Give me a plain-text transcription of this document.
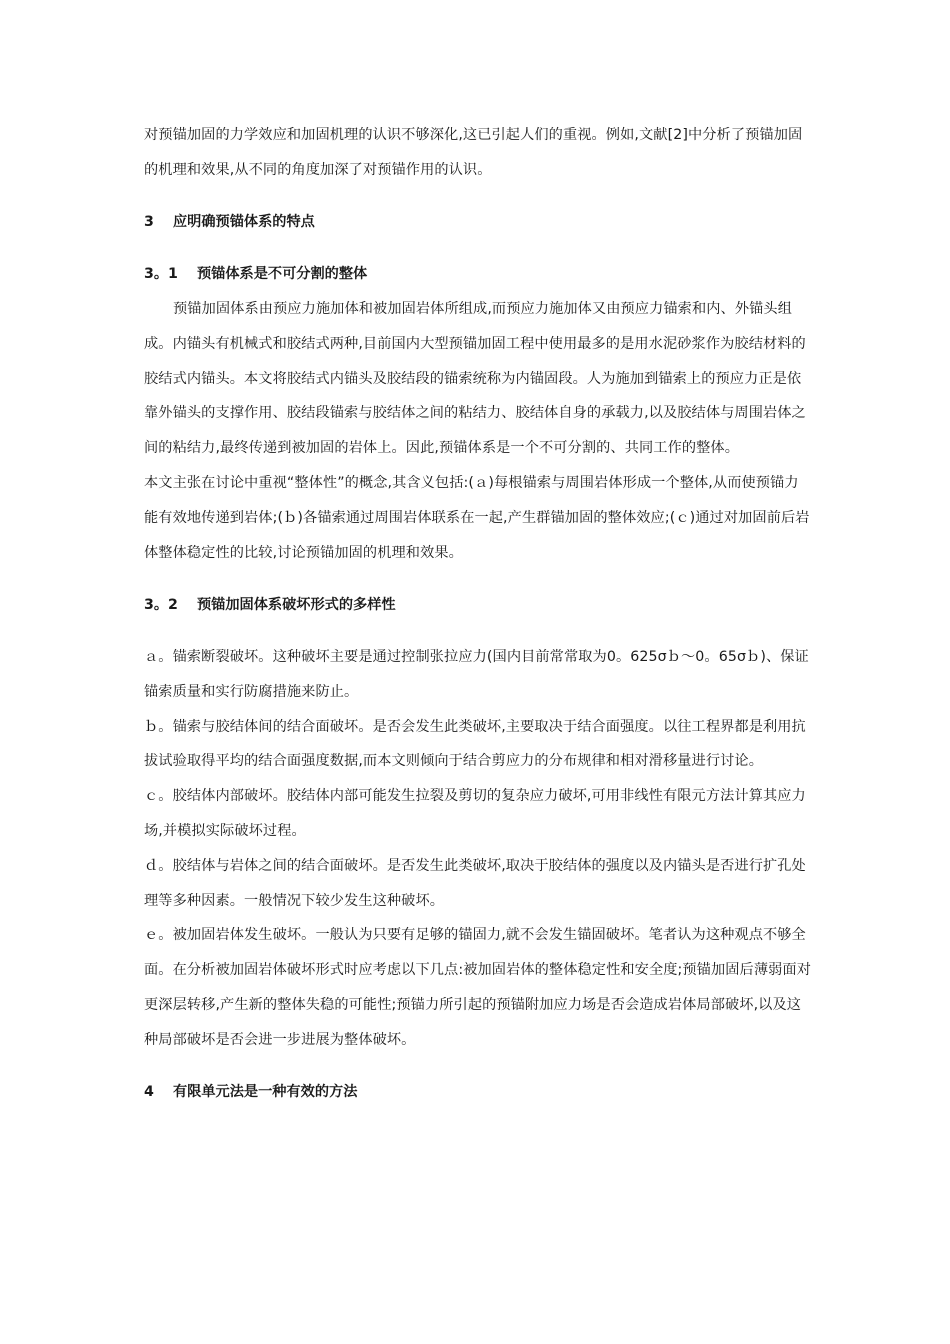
对预锚加固的力学效应和加固机理的认识不够深化,这已引起人们的重视。例如,文献[2]中分析了预锚加固的机理和效果,从不同的角度加深了对预锚作用的认识。

3 应明确预锚体系的特点
3。1 预锚体系是不可分割的整体

预锚加固体系由预应力施加体和被加固岩体所组成,而预应力施加体又由预应力锚索和内、外锚头组成。内锚头有机械式和胶结式两种,目前国内大型预锚加固工程中使用最多的是用水泥砂浆作为胶结材料的胶结式内锚头。本文将胶结式内锚头及胶结段的锚索统称为内锚固段。人为施加到锚索上的预应力正是依靠外锚头的支撑作用、胶结段锚索与胶结体之间的粘结力、胶结体自身的承载力,以及胶结体与周围岩体之间的粘结力,最终传递到被加固的岩体上。因此,预锚体系是一个不可分割的、共同工作的整体。

本文主张在讨论中重视“整体性”的概念,其含义包括:(ａ)每根锚索与周围岩体形成一个整体,从而使预锚力能有效地传递到岩体;(ｂ)各锚索通过周围岩体联系在一起,产生群锚加固的整体效应;(ｃ)通过对加固前后岩体整体稳定性的比较,讨论预锚加固的机理和效果。

3。2 预锚加固体系破坏形式的多样性

ａ。锚索断裂破坏。这种破坏主要是通过控制张拉应力(国内目前常常取为0。625σｂ～0。65σｂ)、保证锚索质量和实行防腐措施来防止。

ｂ。锚索与胶结体间的结合面破坏。是否会发生此类破坏,主要取决于结合面强度。以往工程界都是利用抗拔试验取得平均的结合面强度数据,而本文则倾向于结合剪应力的分布规律和相对滑移量进行讨论。

ｃ。胶结体内部破坏。胶结体内部可能发生拉裂及剪切的复杂应力破坏,可用非线性有限元方法计算其应力场,并模拟实际破坏过程。

ｄ。胶结体与岩体之间的结合面破坏。是否发生此类破坏,取决于胶结体的强度以及内锚头是否进行扩孔处理等多种因素。一般情况下较少发生这种破坏。

ｅ。被加固岩体发生破坏。一般认为只要有足够的锚固力,就不会发生锚固破坏。笔者认为这种观点不够全面。在分析被加固岩体破坏形式时应考虑以下几点:被加固岩体的整体稳定性和安全度;预锚加固后薄弱面对更深层转移,产生新的整体失稳的可能性;预锚力所引起的预锚附加应力场是否会造成岩体局部破坏,以及这种局部破坏是否会进一步进展为整体破坏。

4 有限单元法是一种有效的方法
